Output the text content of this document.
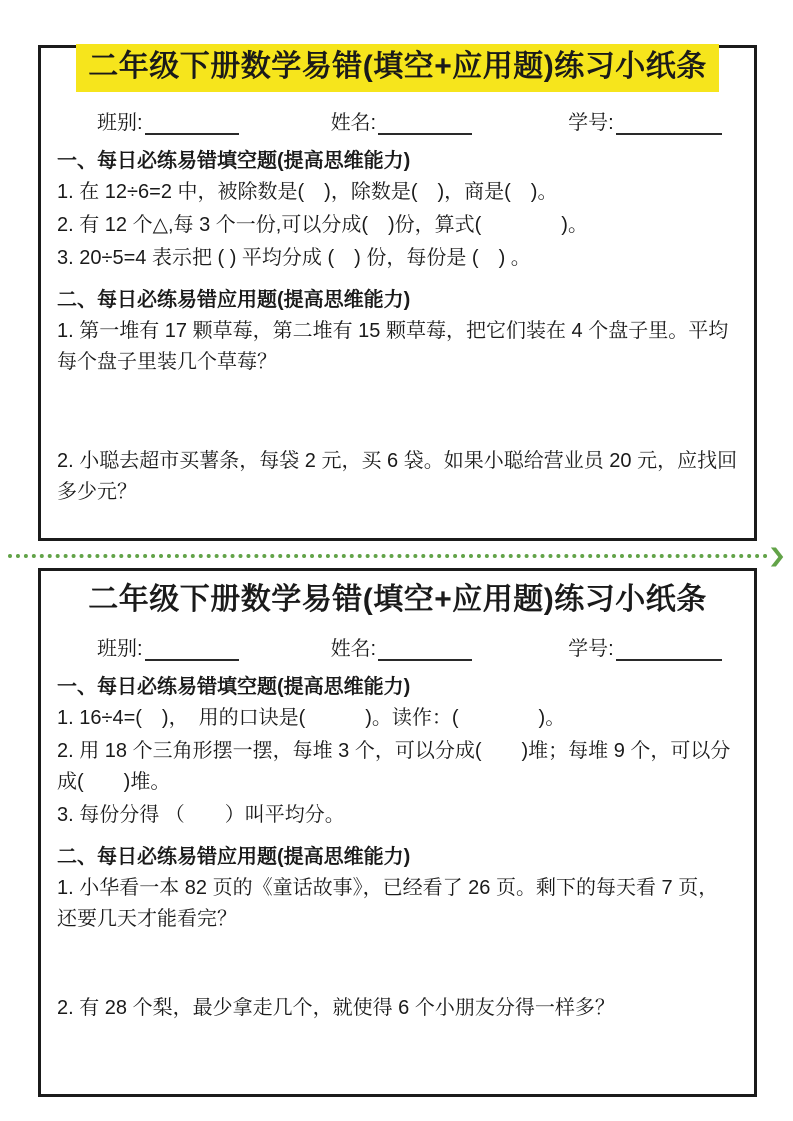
二年级下册数学易错(填空+应用题)练习小纸条
班别:	姓名:	学号:
一、每日必练易错填空题(提高思维能力)

1. 在 12÷6=2 中，被除数是(　)，除数是(　)，商是(　)。

2. 有 12 个△,每 3 个一份,可以分成(　)份，算式(　　　　)。

3. 20÷5=4 表示把 ( ) 平均分成 (　) 份，每份是 (　) 。

二、每日必练易错应用题(提高思维能力)

1. 第一堆有 17 颗草莓，第二堆有 15 颗草莓，把它们装在 4 个盘子里。平均每个盘子里装几个草莓？

2. 小聪去超市买薯条，每袋 2 元，买 6 袋。如果小聪给营业员 20 元，应找回多少元？

❯
二年级下册数学易错(填空+应用题)练习小纸条
班别:	姓名:	学号:
一、每日必练易错填空题(提高思维能力)

1. 16÷4=(　)，　用的口诀是(　　　)。读作：(　　　　)。

2. 用 18 个三角形摆一摆，每堆 3 个，可以分成(　　)堆；每堆 9 个，可以分成(　　)堆。

3. 每份分得 （　　）叫平均分。

二、每日必练易错应用题(提高思维能力)

1. 小华看一本 82 页的《童话故事》，已经看了 26 页。剩下的每天看 7 页，还要几天才能看完？

2. 有 28 个梨，最少拿走几个，就使得 6 个小朋友分得一样多？
